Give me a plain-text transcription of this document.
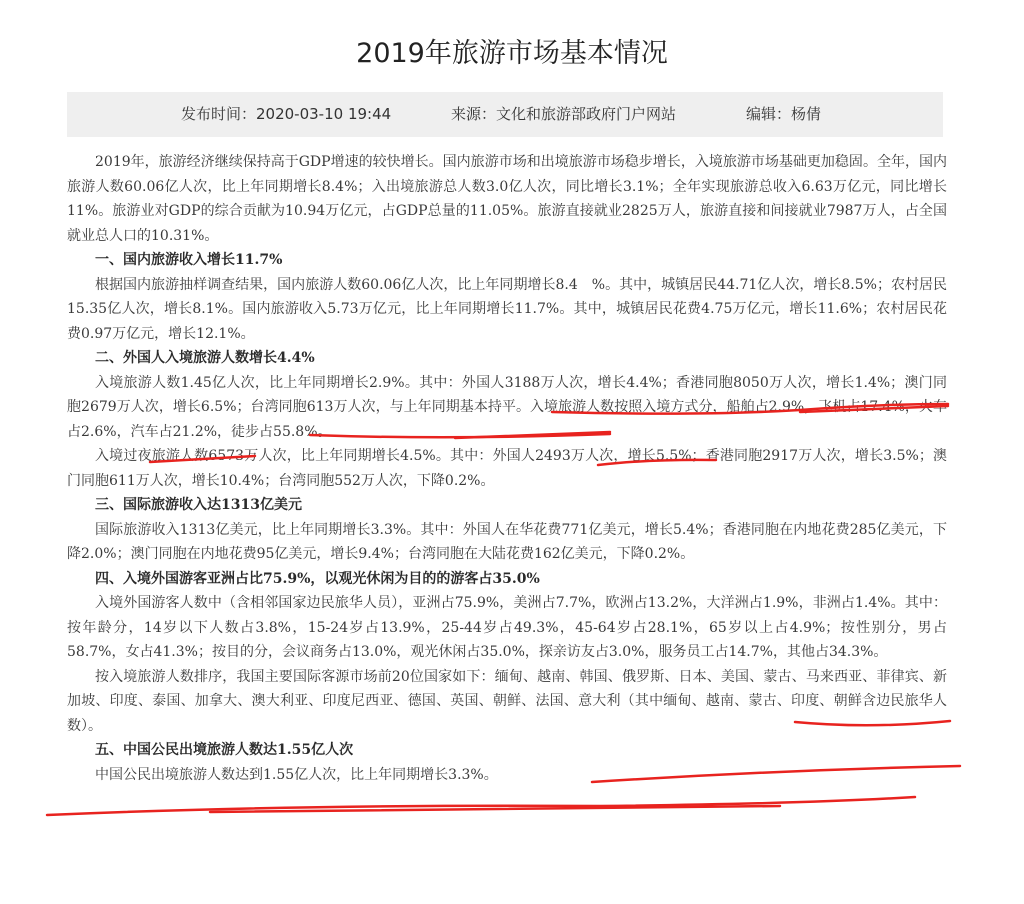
2019年旅游市场基本情况
发布时间：2020-03-10 19:44	来源：文化和旅游部政府门户网站	编辑：杨倩

2019年，旅游经济继续保持高于GDP增速的较快增长。国内旅游市场和出境旅游市场稳步增长，入境旅游市场基础更加稳固。全年，国内旅游人数60.06亿人次，比上年同期增长8.4%；入出境旅游总人数3.0亿人次，同比增长3.1%；全年实现旅游总收入6.63万亿元，同比增长11%。旅游业对GDP的综合贡献为10.94万亿元，占GDP总量的11.05%。旅游直接就业2825万人，旅游直接和间接就业7987万人，占全国就业总人口的10.31%。

一、国内旅游收入增长11.7%

根据国内旅游抽样调查结果，国内旅游人数60.06亿人次，比上年同期增长8.4　%。其中，城镇居民44.71亿人次，增长8.5%；农村居民15.35亿人次，增长8.1%。国内旅游收入5.73万亿元，比上年同期增长11.7%。其中，城镇居民花费4.75万亿元，增长11.6%；农村居民花费0.97万亿元，增长12.1%。

二、外国人入境旅游人数增长4.4%

入境旅游人数1.45亿人次，比上年同期增长2.9%。其中：外国人3188万人次，增长4.4%；香港同胞8050万人次，增长1.4%；澳门同胞2679万人次，增长6.5%；台湾同胞613万人次，与上年同期基本持平。入境旅游人数按照入境方式分，船舶占2.9%，飞机占17.4%，火车占2.6%，汽车占21.2%，徒步占55.8%。

入境过夜旅游人数6573万人次，比上年同期增长4.5%。其中：外国人2493万人次，增长5.5%；香港同胞2917万人次，增长3.5%；澳门同胞611万人次，增长10.4%；台湾同胞552万人次，下降0.2%。

三、国际旅游收入达1313亿美元

国际旅游收入1313亿美元，比上年同期增长3.3%。其中：外国人在华花费771亿美元，增长5.4%；香港同胞在内地花费285亿美元，下降2.0%；澳门同胞在内地花费95亿美元，增长9.4%；台湾同胞在大陆花费162亿美元，下降0.2%。

四、入境外国游客亚洲占比75.9%，以观光休闲为目的的游客占35.0%

入境外国游客人数中（含相邻国家边民旅华人员），亚洲占75.9%，美洲占7.7%，欧洲占13.2%，大洋洲占1.9%，非洲占1.4%。其中：按年龄分，14岁以下人数占3.8%，15-24岁占13.9%，25-44岁占49.3%，45-64岁占28.1%，65岁以上占4.9%；按性别分，男占58.7%，女占41.3%；按目的分，会议商务占13.0%，观光休闲占35.0%，探亲访友占3.0%，服务员工占14.7%，其他占34.3%。

按入境旅游人数排序，我国主要国际客源市场前20位国家如下：缅甸、越南、韩国、俄罗斯、日本、美国、蒙古、马来西亚、菲律宾、新加坡、印度、泰国、加拿大、澳大利亚、印度尼西亚、德国、英国、朝鲜、法国、意大利（其中缅甸、越南、蒙古、印度、朝鲜含边民旅华人数）。

五、中国公民出境旅游人数达1.55亿人次

中国公民出境旅游人数达到1.55亿人次，比上年同期增长3.3%。
